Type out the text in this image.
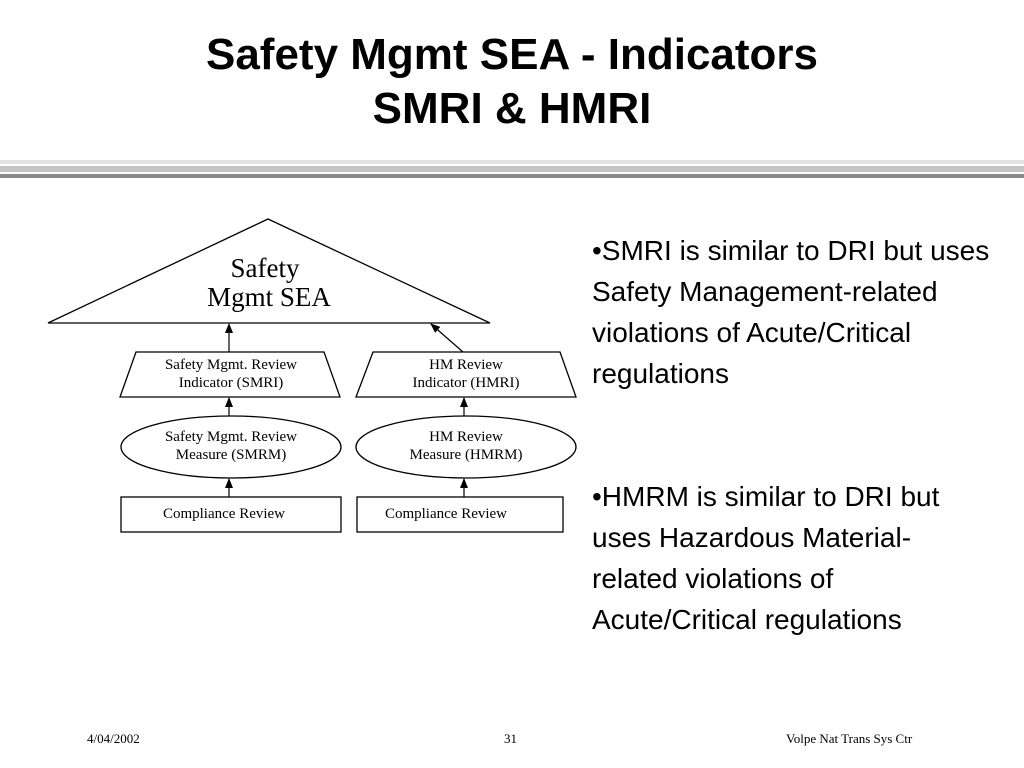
Safety Mgmt SEA - Indicators
SMRI & HMRI
Safety
Mgmt SEA
Safety Mgmt. Review
Indicator (SMRI)
HM Review
Indicator (HMRI)
Safety Mgmt. Review
Measure (SMRM)
HM Review
Measure (HMRM)
Compliance Review	Compliance Review

•SMRI is similar to DRI but uses Safety Management-related violations of Acute/Critical regulations

•HMRM is similar to DRI but uses Hazardous Material-related violations of Acute/Critical regulations

4/04/2002	31	Volpe Nat Trans Sys Ctr
